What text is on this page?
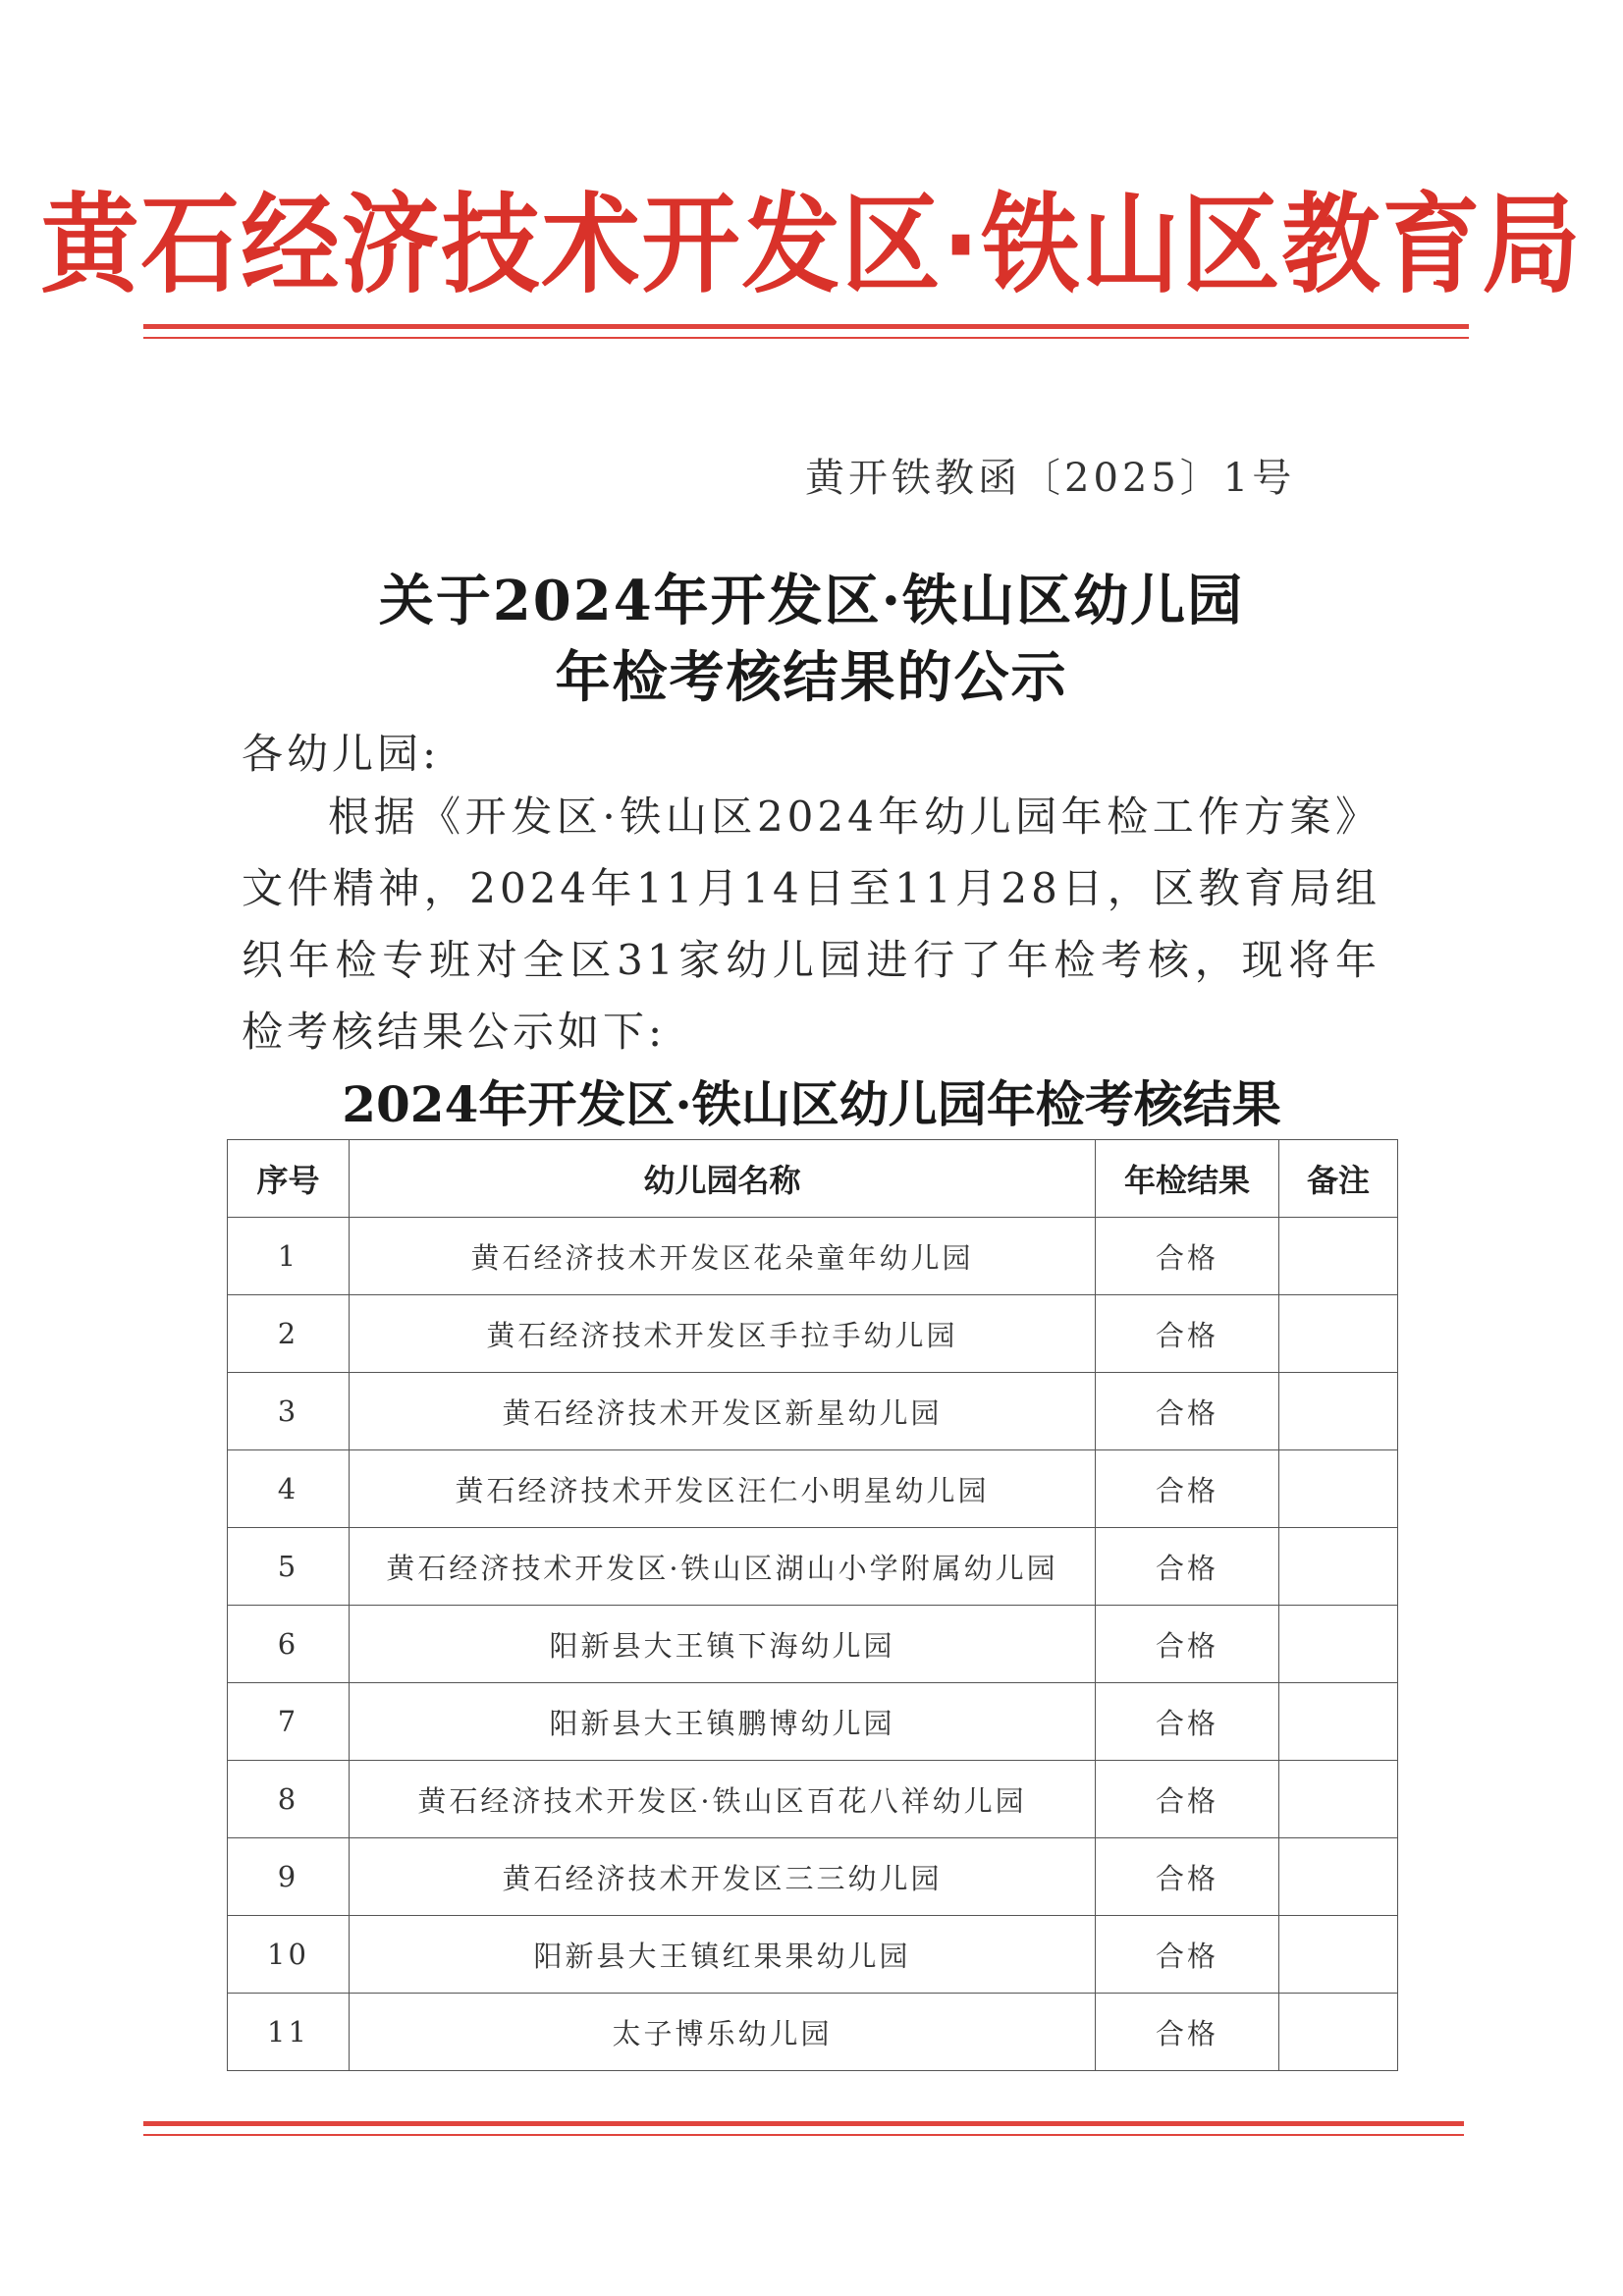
黄石经济技术开发区·铁山区教育局
黄开铁教函〔2025〕1号
关于2024年开发区·铁山区幼儿园
年检考核结果的公示
各幼儿园:
根据《开发区·铁山区2024年幼儿园年检工作方案》文件精神，2024年11月14日至11月28日，区教育局组织年检专班对全区31家幼儿园进行了年检考核，现将年检考核结果公示如下:
2024年开发区·铁山区幼儿园年检考核结果
序号	幼儿园名称	年检结果	备注
1	黄石经济技术开发区花朵童年幼儿园	合格	
2	黄石经济技术开发区手拉手幼儿园	合格	
3	黄石经济技术开发区新星幼儿园	合格	
4	黄石经济技术开发区汪仁小明星幼儿园	合格	
5	黄石经济技术开发区·铁山区湖山小学附属幼儿园	合格	
6	阳新县大王镇下海幼儿园	合格	
7	阳新县大王镇鹏博幼儿园	合格	
8	黄石经济技术开发区·铁山区百花八祥幼儿园	合格	
9	黄石经济技术开发区三三幼儿园	合格	
10	阳新县大王镇红果果幼儿园	合格	
11	太子博乐幼儿园	合格	
